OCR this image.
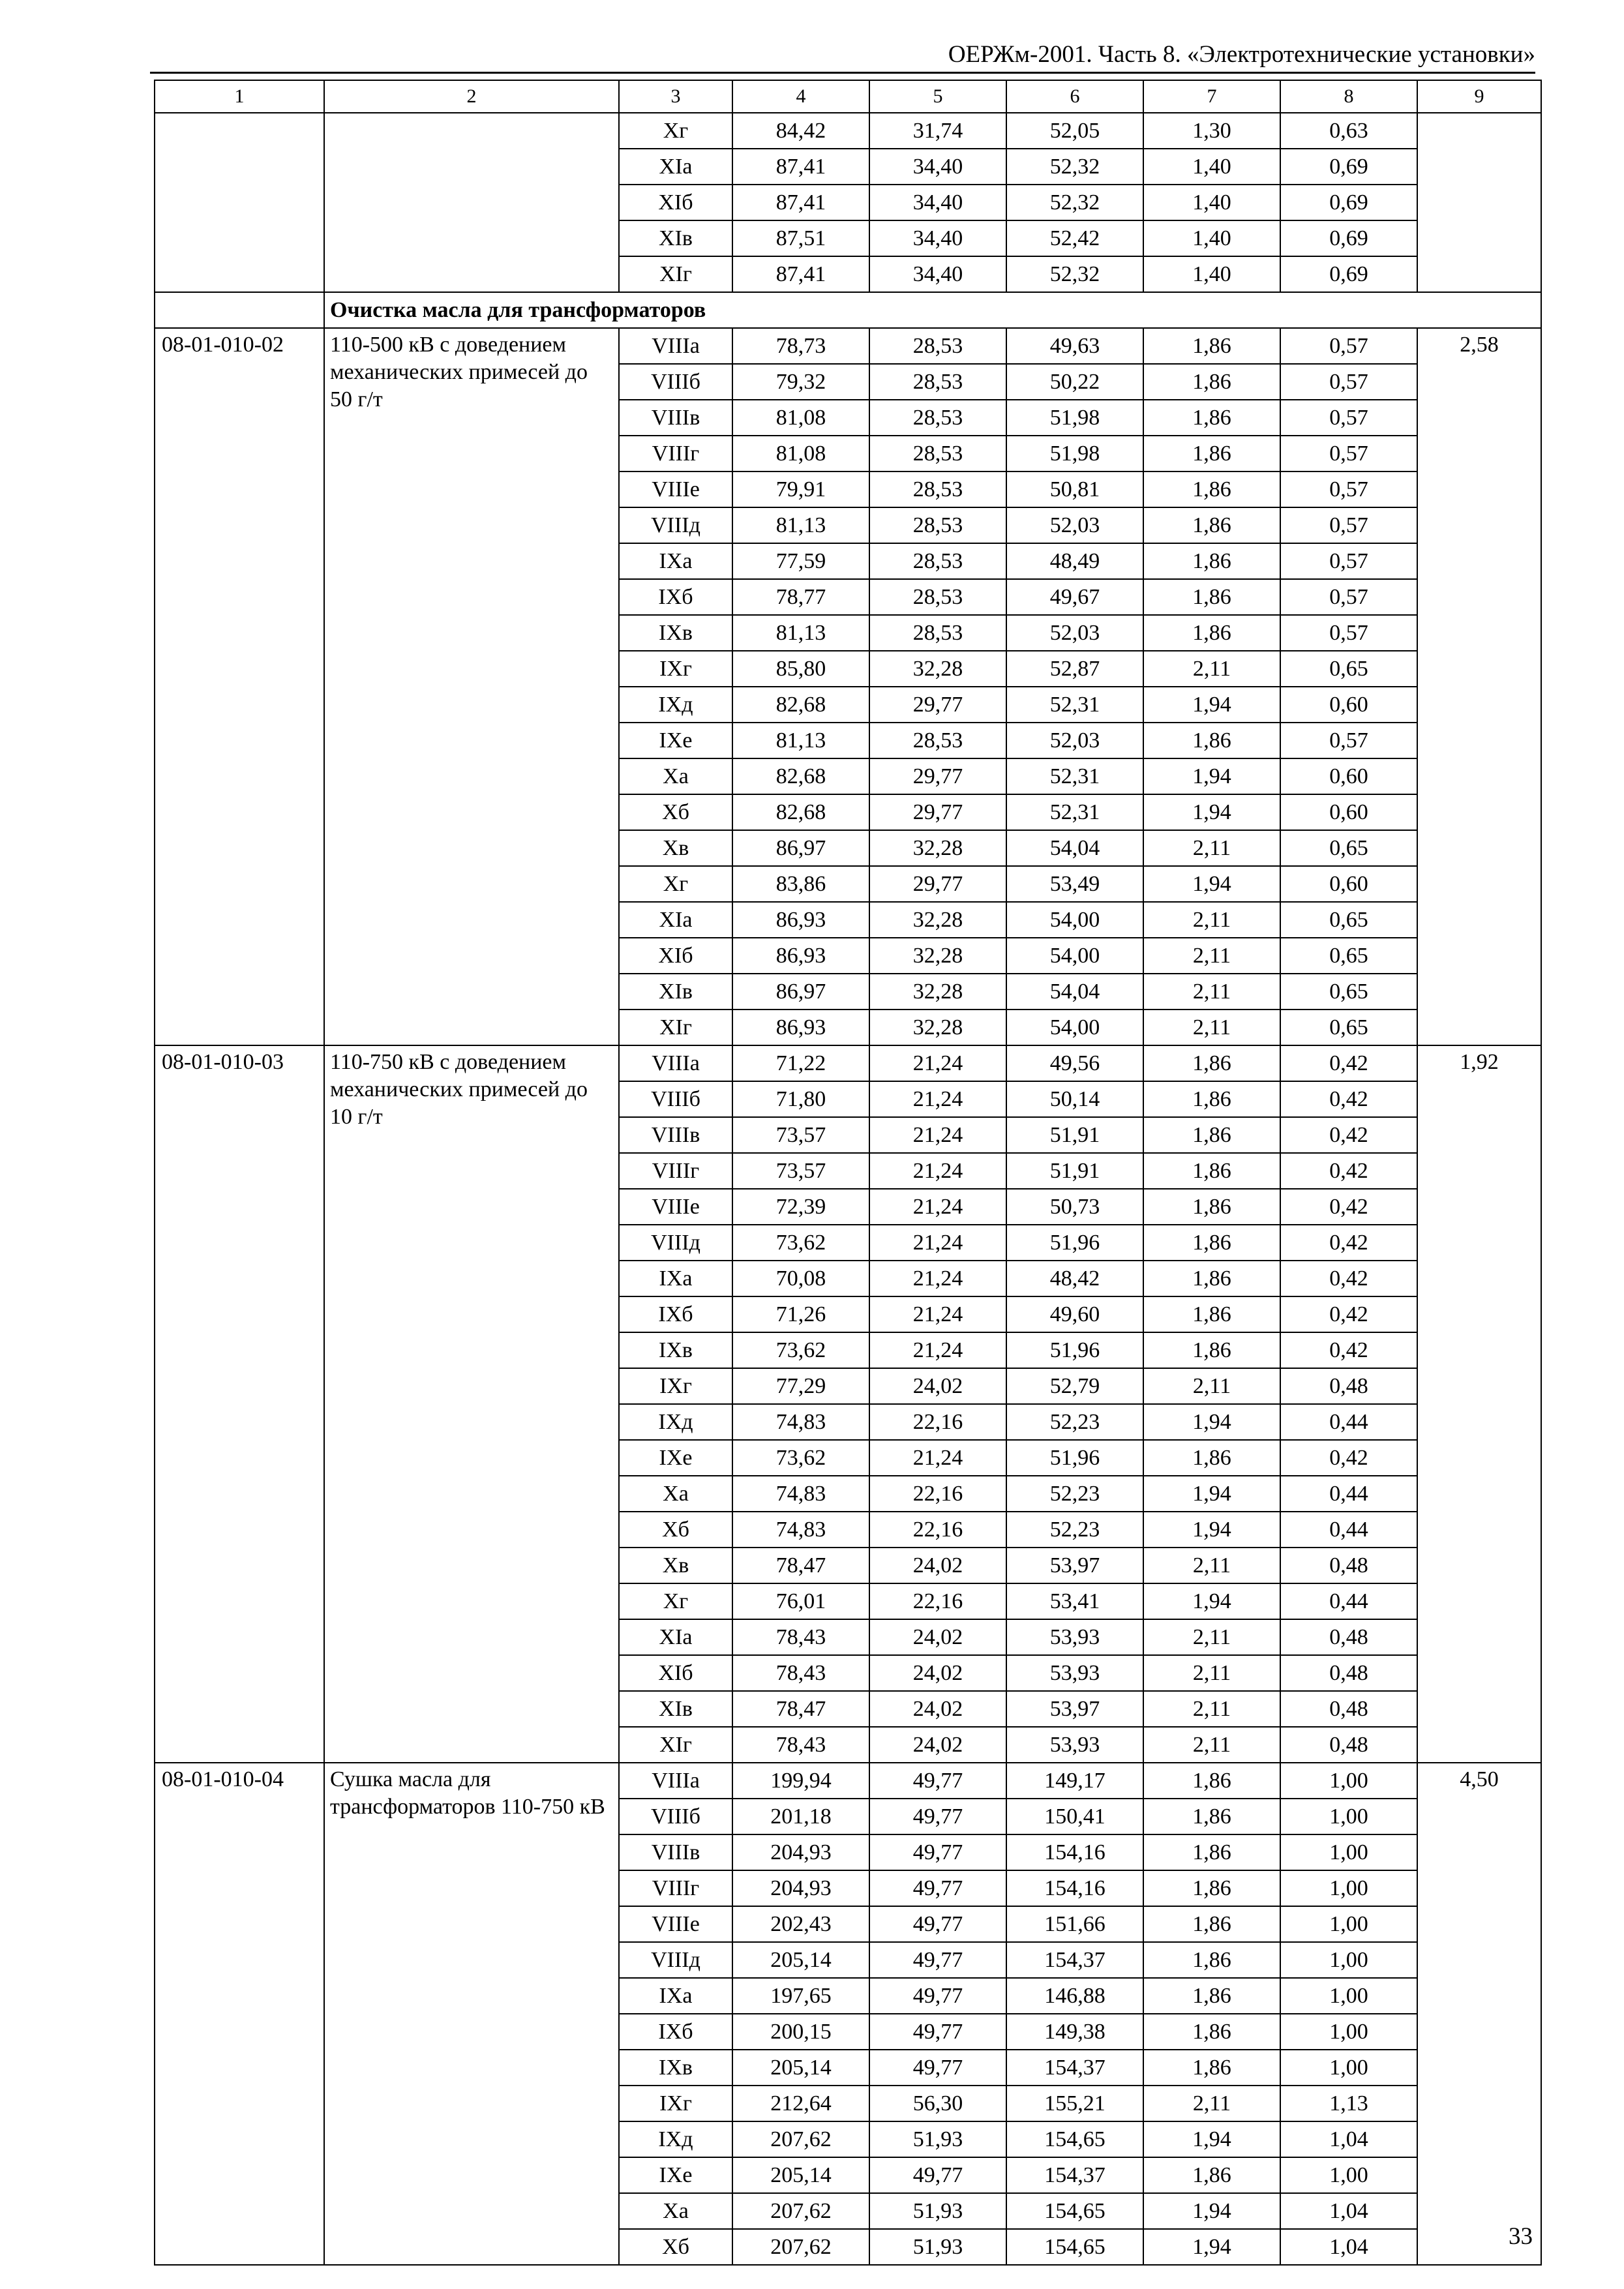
ОЕРЖм-2001. Часть 8. «Электротехнические установки»
1	2	3	4	5	6	7	8	9
		Xг	84,42	31,74	52,05	1,30	0,63	
		XIа	87,41	34,40	52,32	1,40	0,69	
		XIб	87,41	34,40	52,32	1,40	0,69	
		XIв	87,51	34,40	52,42	1,40	0,69	
		XIг	87,41	34,40	52,32	1,40	0,69	
	Очистка масла для трансформаторов							
08-01-010-02	110-500 кВ с доведением механических примесей до 50 г/т	VIIIа	78,73	28,53	49,63	1,86	0,57	2,58
		VIIIб	79,32	28,53	50,22	1,86	0,57	
		VIIIв	81,08	28,53	51,98	1,86	0,57	
		VIIIг	81,08	28,53	51,98	1,86	0,57	
		VIIIе	79,91	28,53	50,81	1,86	0,57	
		VIIIд	81,13	28,53	52,03	1,86	0,57	
		IXа	77,59	28,53	48,49	1,86	0,57	
		IXб	78,77	28,53	49,67	1,86	0,57	
		IXв	81,13	28,53	52,03	1,86	0,57	
		IXг	85,80	32,28	52,87	2,11	0,65	
		IXд	82,68	29,77	52,31	1,94	0,60	
		IXе	81,13	28,53	52,03	1,86	0,57	
		Xа	82,68	29,77	52,31	1,94	0,60	
		Xб	82,68	29,77	52,31	1,94	0,60	
		Xв	86,97	32,28	54,04	2,11	0,65	
		Xг	83,86	29,77	53,49	1,94	0,60	
		XIа	86,93	32,28	54,00	2,11	0,65	
		XIб	86,93	32,28	54,00	2,11	0,65	
		XIв	86,97	32,28	54,04	2,11	0,65	
		XIг	86,93	32,28	54,00	2,11	0,65	
08-01-010-03	110-750 кВ с доведением механических примесей до 10 г/т	VIIIа	71,22	21,24	49,56	1,86	0,42	1,92
		VIIIб	71,80	21,24	50,14	1,86	0,42	
		VIIIв	73,57	21,24	51,91	1,86	0,42	
		VIIIг	73,57	21,24	51,91	1,86	0,42	
		VIIIе	72,39	21,24	50,73	1,86	0,42	
		VIIIд	73,62	21,24	51,96	1,86	0,42	
		IXа	70,08	21,24	48,42	1,86	0,42	
		IXб	71,26	21,24	49,60	1,86	0,42	
		IXв	73,62	21,24	51,96	1,86	0,42	
		IXг	77,29	24,02	52,79	2,11	0,48	
		IXд	74,83	22,16	52,23	1,94	0,44	
		IXе	73,62	21,24	51,96	1,86	0,42	
		Xа	74,83	22,16	52,23	1,94	0,44	
		Xб	74,83	22,16	52,23	1,94	0,44	
		Xв	78,47	24,02	53,97	2,11	0,48	
		Xг	76,01	22,16	53,41	1,94	0,44	
		XIа	78,43	24,02	53,93	2,11	0,48	
		XIб	78,43	24,02	53,93	2,11	0,48	
		XIв	78,47	24,02	53,97	2,11	0,48	
		XIг	78,43	24,02	53,93	2,11	0,48	
08-01-010-04	Сушка масла для трансформаторов 110-750 кВ	VIIIа	199,94	49,77	149,17	1,86	1,00	4,50
		VIIIб	201,18	49,77	150,41	1,86	1,00	
		VIIIв	204,93	49,77	154,16	1,86	1,00	
		VIIIг	204,93	49,77	154,16	1,86	1,00	
		VIIIе	202,43	49,77	151,66	1,86	1,00	
		VIIIд	205,14	49,77	154,37	1,86	1,00	
		IXа	197,65	49,77	146,88	1,86	1,00	
		IXб	200,15	49,77	149,38	1,86	1,00	
		IXв	205,14	49,77	154,37	1,86	1,00	
		IXг	212,64	56,30	155,21	2,11	1,13	
		IXд	207,62	51,93	154,65	1,94	1,04	
		IXе	205,14	49,77	154,37	1,86	1,00	
		Xа	207,62	51,93	154,65	1,94	1,04	
		Xб	207,62	51,93	154,65	1,94	1,04		33
